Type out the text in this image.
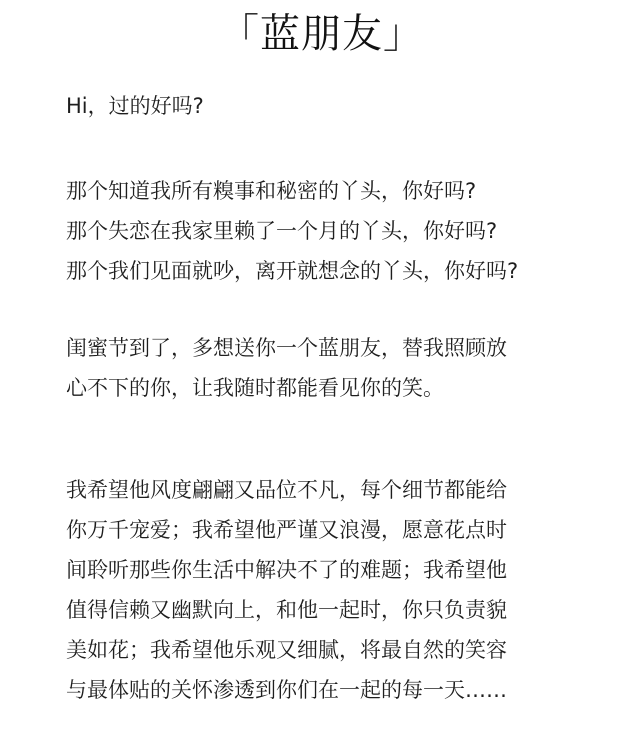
「蓝朋友」
Hi，过的好吗?
那个知道我所有糗事和秘密的丫头，你好吗?
那个失恋在我家里赖了一个月的丫头，你好吗?
那个我们见面就吵，离开就想念的丫头，你好吗?
闺蜜节到了，多想送你一个蓝朋友，替我照顾放
心不下的你，让我随时都能看见你的笑。
我希望他风度翩翩又品位不凡，每个细节都能给
你万千宠爱；我希望他严谨又浪漫，愿意花点时
间聆听那些你生活中解决不了的难题；我希望他
值得信赖又幽默向上，和他一起时，你只负责貌
美如花；我希望他乐观又细腻，将最自然的笑容
与最体贴的关怀渗透到你们在一起的每一天……
